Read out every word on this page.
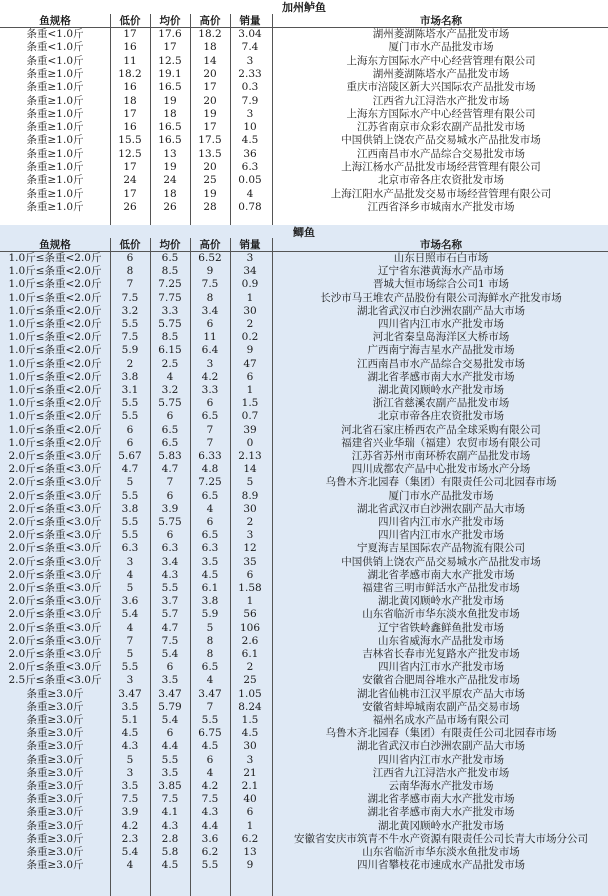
加州鲈鱼
鱼规格	低价	均价	高价	销量	市场名称
条重<1.0斤	17	17.6	18.2	3.04	湖州菱湖陈塔水产品批发市场
条重<1.0斤	16	17	18	7.4	厦门市水产品批发市场
条重<1.0斤	11	12.5	14	3	上海东方国际水产中心经营管理有限公司
条重≥1.0斤	18.2	19.1	20	2.33	湖州菱湖陈塔水产品批发市场
条重≥1.0斤	16	16.5	17	0.3	重庆市涪陵区新大兴国际农产品批发市场
条重≥1.0斤	18	19	20	7.9	江西省九江浔浩水产批发市场
条重≥1.0斤	17	18	19	3	上海东方国际水产中心经营管理有限公司
条重≥1.0斤	16	16.5	17	10	江苏省南京市众彩农副产品批发市场
条重≥1.0斤	15.5	16.5	17.5	4.5	中国供销上饶农产品交易城水产品批发市场
条重≥1.0斤	12.5	13	13.5	36	江西南昌市水产品综合交易批发市场
条重≥1.0斤	17	19	20	6.3	上海江杨水产品批发市场经营管理有限公司
条重≥1.0斤	24	24	25	0.05	北京市帝各庄农资批发市场
条重≥1.0斤	17	18	19	4	上海江阳水产品批发交易市场经营管理有限公司
条重≥1.0斤	26	26	28	0.78	江西省泽乡市城南水产批发市场
鲫鱼
鱼规格	低价	均价	高价	销量	市场名称
1.0斤≤条重<2.0斤	6	6.5	6.52	3	山东日照市石白市场
1.0斤≤条重<2.0斤	8	8.5	9	34	辽宁省东港黄海水产品市场
1.0斤≤条重<2.0斤	7	7.25	7.5	0.9	晋城大恒市场综合公司1 市场
1.0斤≤条重<2.0斤	7.5	7.75	8	1	长沙市马王堆农产品股份有限公司海鲜水产批发市场
1.0斤≤条重<2.0斤	3.2	3.3	3.4	30	湖北省武汉市白沙洲农副产品大市场
1.0斤≤条重<2.0斤	5.5	5.75	6	2	四川省内江市水产批发市场
1.0斤≤条重<2.0斤	7.5	8.5	11	0.2	河北省秦皇岛海洋区大桥市场
1.0斤≤条重<2.0斤	5.9	6.15	6.4	9	广西南宁海吉星水产品批发市场
1.0斤≤条重<2.0斤	2	2.5	3	47	江西南昌市水产品综合交易批发市场
1.0斤≤条重<2.0斤	3.8	4	4.2	6	湖北省孝感市南大水产批发市场
1.0斤≤条重<2.0斤	3.1	3.2	3.3	1	湖北黄冈顾岭水产批发市场
1.0斤≤条重<2.0斤	5.5	5.75	6	1.5	浙江省慈溪农副产品批发市场
1.0斤≤条重<2.0斤	5.5	6	6.5	0.7	北京市帝各庄农资批发市场
1.0斤≤条重<2.0斤	6	6.5	7	39	河北省石家庄桥西农产品全球采购有限公司
1.0斤≤条重<2.0斤	6	6.5	7	0	福建省兴业华瑞（福建）农贸市场有限公司
2.0斤≤条重<3.0斤	5.67	5.83	6.33	2.13	江苏省苏州市南环桥农副产品批发市场
2.0斤≤条重<3.0斤	4.7	4.7	4.8	14	四川成都农产品中心批发市场水产分场
2.0斤≤条重<3.0斤	5	7	7.25	5	乌鲁木齐北园春（集团）有限责任公司北园春市场
2.0斤≤条重<3.0斤	5.5	6	6.5	8.9	厦门市水产品批发市场
2.0斤≤条重<3.0斤	3.8	3.9	4	30	湖北省武汉市白沙洲农副产品大市场
2.0斤≤条重<3.0斤	5.5	5.75	6	2	四川省内江市水产批发市场
2.0斤≤条重<3.0斤	5.5	6	6.5	3	四川省内江市水产批发市场
2.0斤≤条重<3.0斤	6.3	6.3	6.3	12	宁夏海吉星国际农产品物流有限公司
2.0斤≤条重<3.0斤	3	3.4	3.5	35	中国供销上饶农产品交易城水产品批发市场
2.0斤≤条重<3.0斤	4	4.3	4.5	6	湖北省孝感市南大水产批发市场
2.0斤≤条重<3.0斤	5	5.5	6.1	1.58	福建省三明市鲜活水产品批发市场
2.0斤≤条重<3.0斤	3.6	3.7	3.8	1	湖北黄冈顾岭水产批发市场
2.0斤≤条重<3.0斤	5.4	5.7	5.9	56	山东省临沂市华东淡水鱼批发市场
2.0斤≤条重<3.0斤	4	4.7	5	106	辽宁省铁岭鑫鲜鱼批发市场
2.0斤≤条重<3.0斤	7	7.5	8	2.6	山东省威海水产品批发市场
2.0斤≤条重<3.0斤	5	5.4	8	6.1	吉林省长春市光复路水产批发市场
2.0斤≤条重<3.0斤	5.5	6	6.5	2	四川省内江市水产批发市场
2.5斤≤条重<3.0斤	3	3.5	4	25	安徽省合肥周谷堆水产品批发市场
条重≥3.0斤	3.47	3.47	3.47	1.05	湖北省仙桃市江汉平原农产品大市场
条重≥3.0斤	3.5	5.79	7	8.24	安徽省蚌埠城南农副产品交易市场
条重≥3.0斤	5.1	5.4	5.5	1.5	福州名成水产品市场有限公司
条重≥3.0斤	4.5	6	6.75	4.5	乌鲁木齐北园春（集团）有限责任公司北园春市场
条重≥3.0斤	4.3	4.4	4.5	30	湖北省武汉市白沙洲农副产品大市场
条重≥3.0斤	5	5.5	6	3	四川省内江市水产批发市场
条重≥3.0斤	3	3.5	4	21	江西省九江浔浩水产批发市场
条重≥3.0斤	3.5	3.85	4.2	2.1	云南华海水产批发市场
条重≥3.0斤	7.5	7.5	7.5	40	湖北省孝感市南大水产批发市场
条重≥3.0斤	3.9	4.1	4.3	6	湖北省孝感市南大水产批发市场
条重≥3.0斤	4.2	4.3	4.4	1	湖北黄冈顾岭水产批发市场
条重≥3.0斤	2.3	2.8	3.6	6.2	安徽省安庆市筑青不牛水产资源有限责任公司长青大市场分公司
条重≥3.0斤	5.4	5.8	6.2	13	山东省临沂市华东淡水鱼批发市场
条重≥3.0斤	4	4.5	5.5	9	四川省攀枝花市速成水产品批发市场
